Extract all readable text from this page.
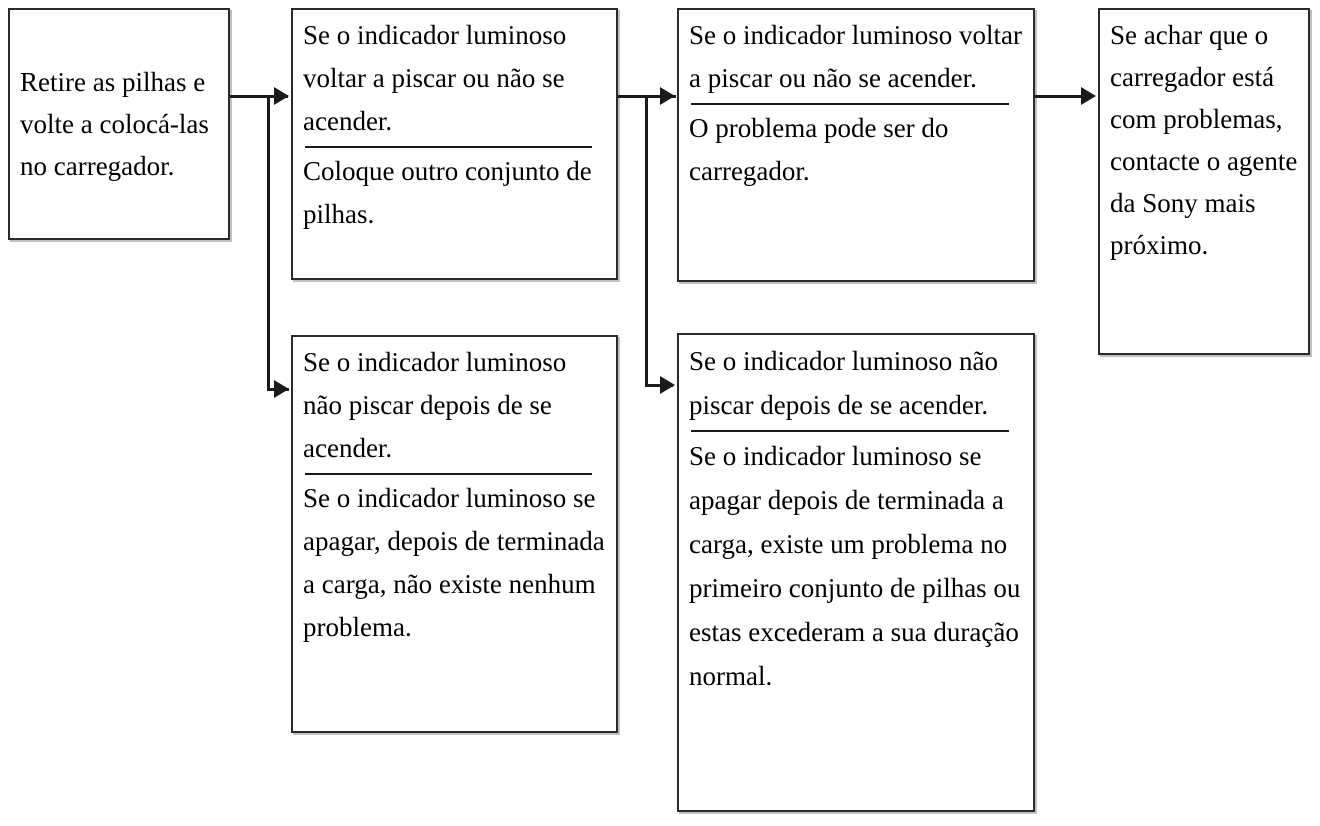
Retire as pilhas e volte a colocá-las no carregador.

Se o indicador luminoso voltar a piscar ou não se acender.

Coloque outro conjunto de pilhas.

Se o indicador luminoso não piscar depois de se acender.

Se o indicador luminoso se apagar, depois de terminada a carga, não existe nenhum problema.

Se o indicador luminoso voltar a piscar ou não se acender.

O problema pode ser do carregador.

Se o indicador luminoso não piscar depois de se acender.

Se o indicador luminoso se apagar depois de terminada a carga, existe um problema no primeiro conjunto de pilhas ou estas excederam a sua duração normal.

Se achar que o carregador está com problemas, contacte o agente da Sony mais próximo.
